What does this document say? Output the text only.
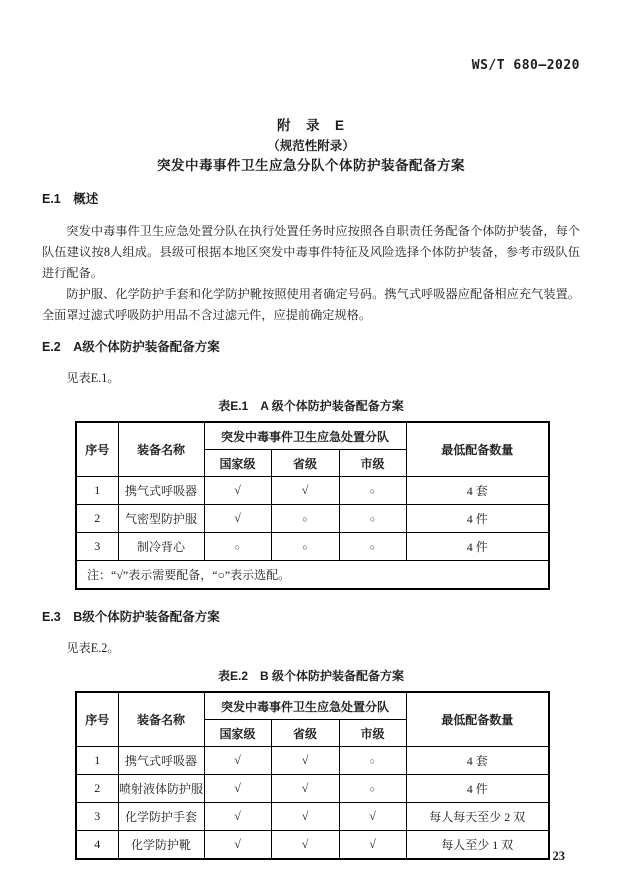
WS/T 680—2020
附　录　E
（规范性附录）
突发中毒事件卫生应急分队个体防护装备配备方案
E.1　概述

突发中毒事件卫生应急处置分队在执行处置任务时应按照各自职责任务配备个体防护装备，每个队伍建议按8人组成。县级可根据本地区突发中毒事件特征及风险选择个体防护装备，参考市级队伍进行配备。

防护服、化学防护手套和化学防护靴按照使用者确定号码。携气式呼吸器应配备相应充气装置。全面罩过滤式呼吸防护用品不含过滤元件，应提前确定规格。

E.2　A级个体防护装备配备方案

见表E.1。

表E.1　A 级个体防护装备配备方案
序号	装备名称	突发中毒事件卫生应急处置分队			最低配备数量
		国家级	省级	市级	
1	携气式呼吸器	√	√	○	4 套
2	气密型防护服	√	○	○	4 件
3	制冷背心	○	○	○	4 件
注：“√”表示需要配备，“○”表示选配。					
E.3　B级个体防护装备配备方案

见表E.2。

表E.2　B 级个体防护装备配备方案
序号	装备名称	突发中毒事件卫生应急处置分队			最低配备数量
		国家级	省级	市级	
1	携气式呼吸器	√	√	○	4 套
2	喷射液体防护服	√	√	○	4 件
3	化学防护手套	√	√	√	每人每天至少 2 双
4	化学防护靴	√	√	√	每人至少 1 双
23
